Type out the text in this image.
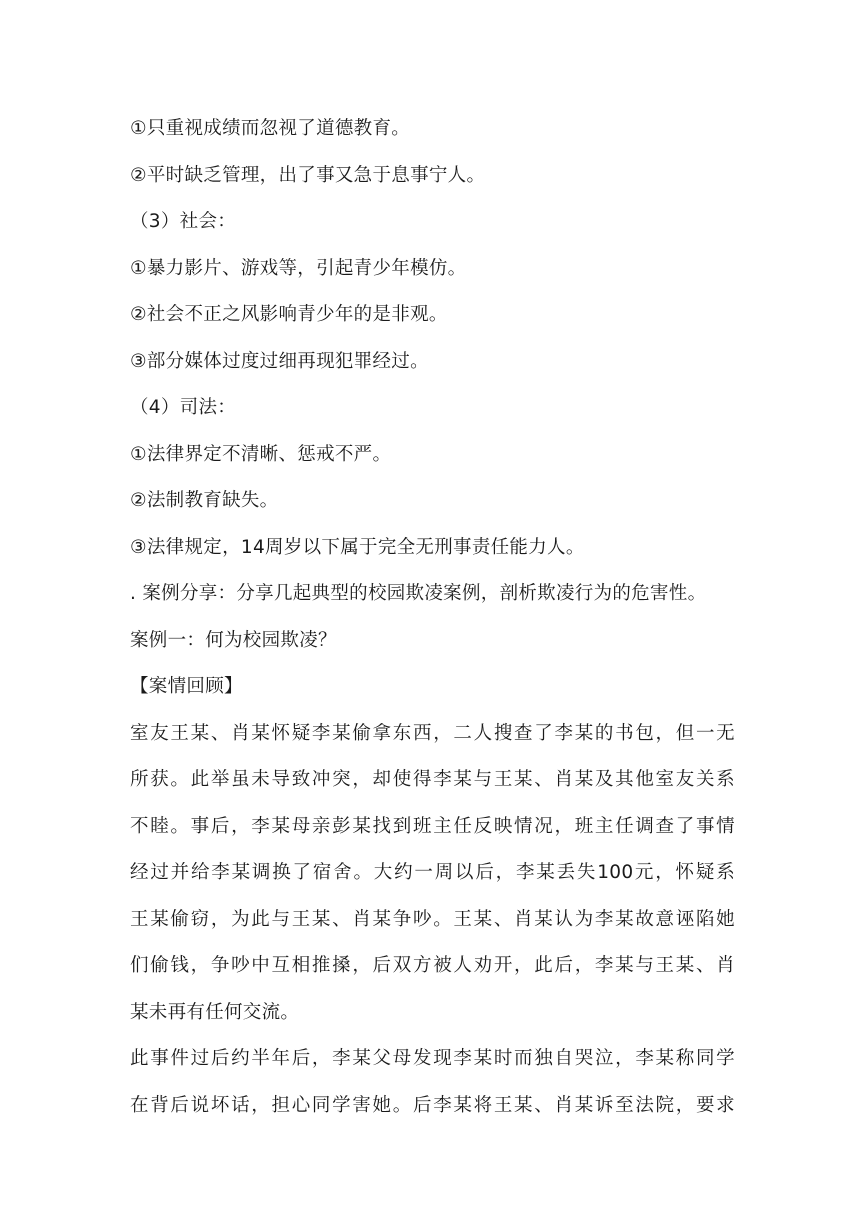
①只重视成绩而忽视了道德教育。
②平时缺乏管理，出了事又急于息事宁人。
（3）社会：
①暴力影片、游戏等，引起青少年模仿。
②社会不正之风影响青少年的是非观。
③部分媒体过度过细再现犯罪经过。
（4）司法：
①法律界定不清晰、惩戒不严。
②法制教育缺失。
③法律规定，14周岁以下属于完全无刑事责任能力人。
. 案例分享：分享几起典型的校园欺凌案例，剖析欺凌行为的危害性。
案例一：何为校园欺凌？
【案情回顾】
室友王某、肖某怀疑李某偷拿东西，二人搜查了李某的书包，但一无
所获。此举虽未导致冲突，却使得李某与王某、肖某及其他室友关系
不睦。事后，李某母亲彭某找到班主任反映情况，班主任调查了事情
经过并给李某调换了宿舍。大约一周以后，李某丢失100元，怀疑系
王某偷窃，为此与王某、肖某争吵。王某、肖某认为李某故意诬陷她
们偷钱，争吵中互相推搡，后双方被人劝开，此后，李某与王某、肖
某未再有任何交流。
此事件过后约半年后，李某父母发现李某时而独自哭泣，李某称同学
在背后说坏话，担心同学害她。后李某将王某、肖某诉至法院，要求
